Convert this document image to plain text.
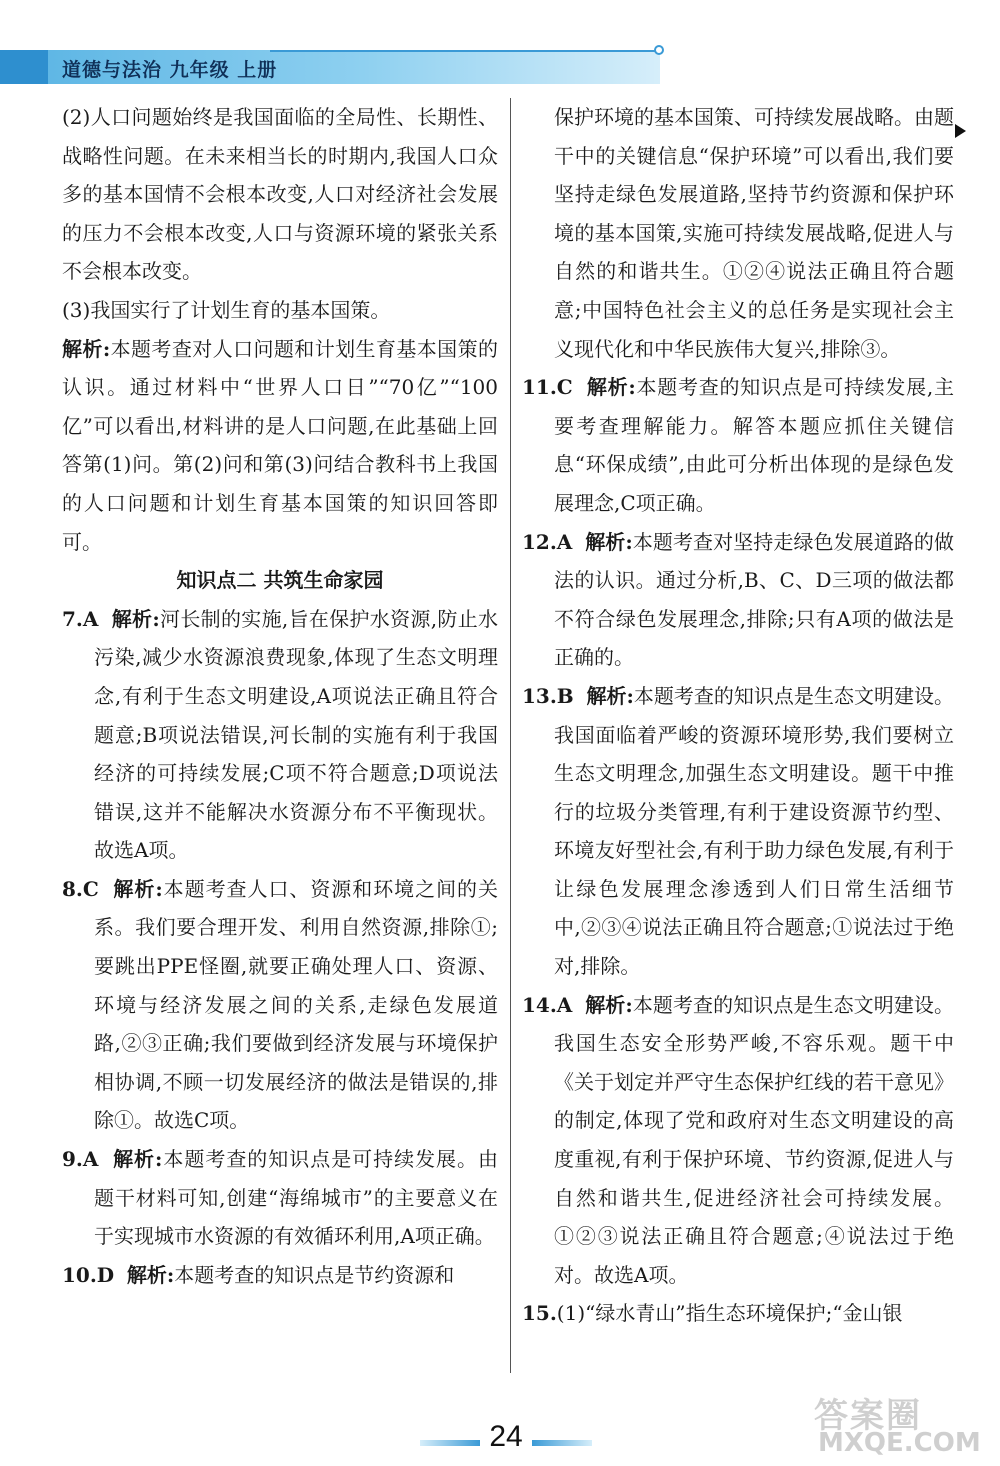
道德与法治 九年级 上册
(2)人口问题始终是我国面临的全局性、长期性、战略性问题。在未来相当长的时期内,我国人口众多的基本国情不会根本改变,人口对经济社会发展的压力不会根本改变,人口与资源环境的紧张关系不会根本改变。
(3)我国实行了计划生育的基本国策。
解析:本题考查对人口问题和计划生育基本国策的认识。通过材料中“世界人口日”“70亿”“100亿”可以看出,材料讲的是人口问题,在此基础上回答第(1)问。第(2)问和第(3)问结合教科书上我国的人口问题和计划生育基本国策的知识回答即可。
知识点二 共筑生命家园
7.A 解析:河长制的实施,旨在保护水资源,防止水污染,减少水资源浪费现象,体现了生态文明理念,有利于生态文明建设,A项说法正确且符合题意;B项说法错误,河长制的实施有利于我国经济的可持续发展;C项不符合题意;D项说法错误,这并不能解决水资源分布不平衡现状。故选A项。
8.C 解析:本题考查人口、资源和环境之间的关系。我们要合理开发、利用自然资源,排除①;要跳出PPE怪圈,就要正确处理人口、资源、环境与经济发展之间的关系,走绿色发展道路,②③正确;我们要做到经济发展与环境保护相协调,不顾一切发展经济的做法是错误的,排除①。故选C项。
9.A 解析:本题考查的知识点是可持续发展。由题干材料可知,创建“海绵城市”的主要意义在于实现城市水资源的有效循环利用,A项正确。
10.D 解析:本题考查的知识点是节约资源和
保护环境的基本国策、可持续发展战略。由题干中的关键信息“保护环境”可以看出,我们要坚持走绿色发展道路,坚持节约资源和保护环境的基本国策,实施可持续发展战略,促进人与自然的和谐共生。①②④说法正确且符合题意;中国特色社会主义的总任务是实现社会主义现代化和中华民族伟大复兴,排除③。
11.C 解析:本题考查的知识点是可持续发展,主要考查理解能力。解答本题应抓住关键信息“环保成绩”,由此可分析出体现的是绿色发展理念,C项正确。
12.A 解析:本题考查对坚持走绿色发展道路的做法的认识。通过分析,B、C、D三项的做法都不符合绿色发展理念,排除;只有A项的做法是正确的。
13.B 解析:本题考查的知识点是生态文明建设。我国面临着严峻的资源环境形势,我们要树立生态文明理念,加强生态文明建设。题干中推行的垃圾分类管理,有利于建设资源节约型、环境友好型社会,有利于助力绿色发展,有利于让绿色发展理念渗透到人们日常生活细节中,②③④说法正确且符合题意;①说法过于绝对,排除。
14.A 解析:本题考查的知识点是生态文明建设。我国生态安全形势严峻,不容乐观。题干中《关于划定并严守生态保护红线的若干意见》的制定,体现了党和政府对生态文明建设的高度重视,有利于保护环境、节约资源,促进人与自然和谐共生,促进经济社会可持续发展。①②③说法正确且符合题意;④说法过于绝对。故选A项。
15.(1)“绿水青山”指生态环境保护;“金山银
24
答案圈
MXQE.COM
